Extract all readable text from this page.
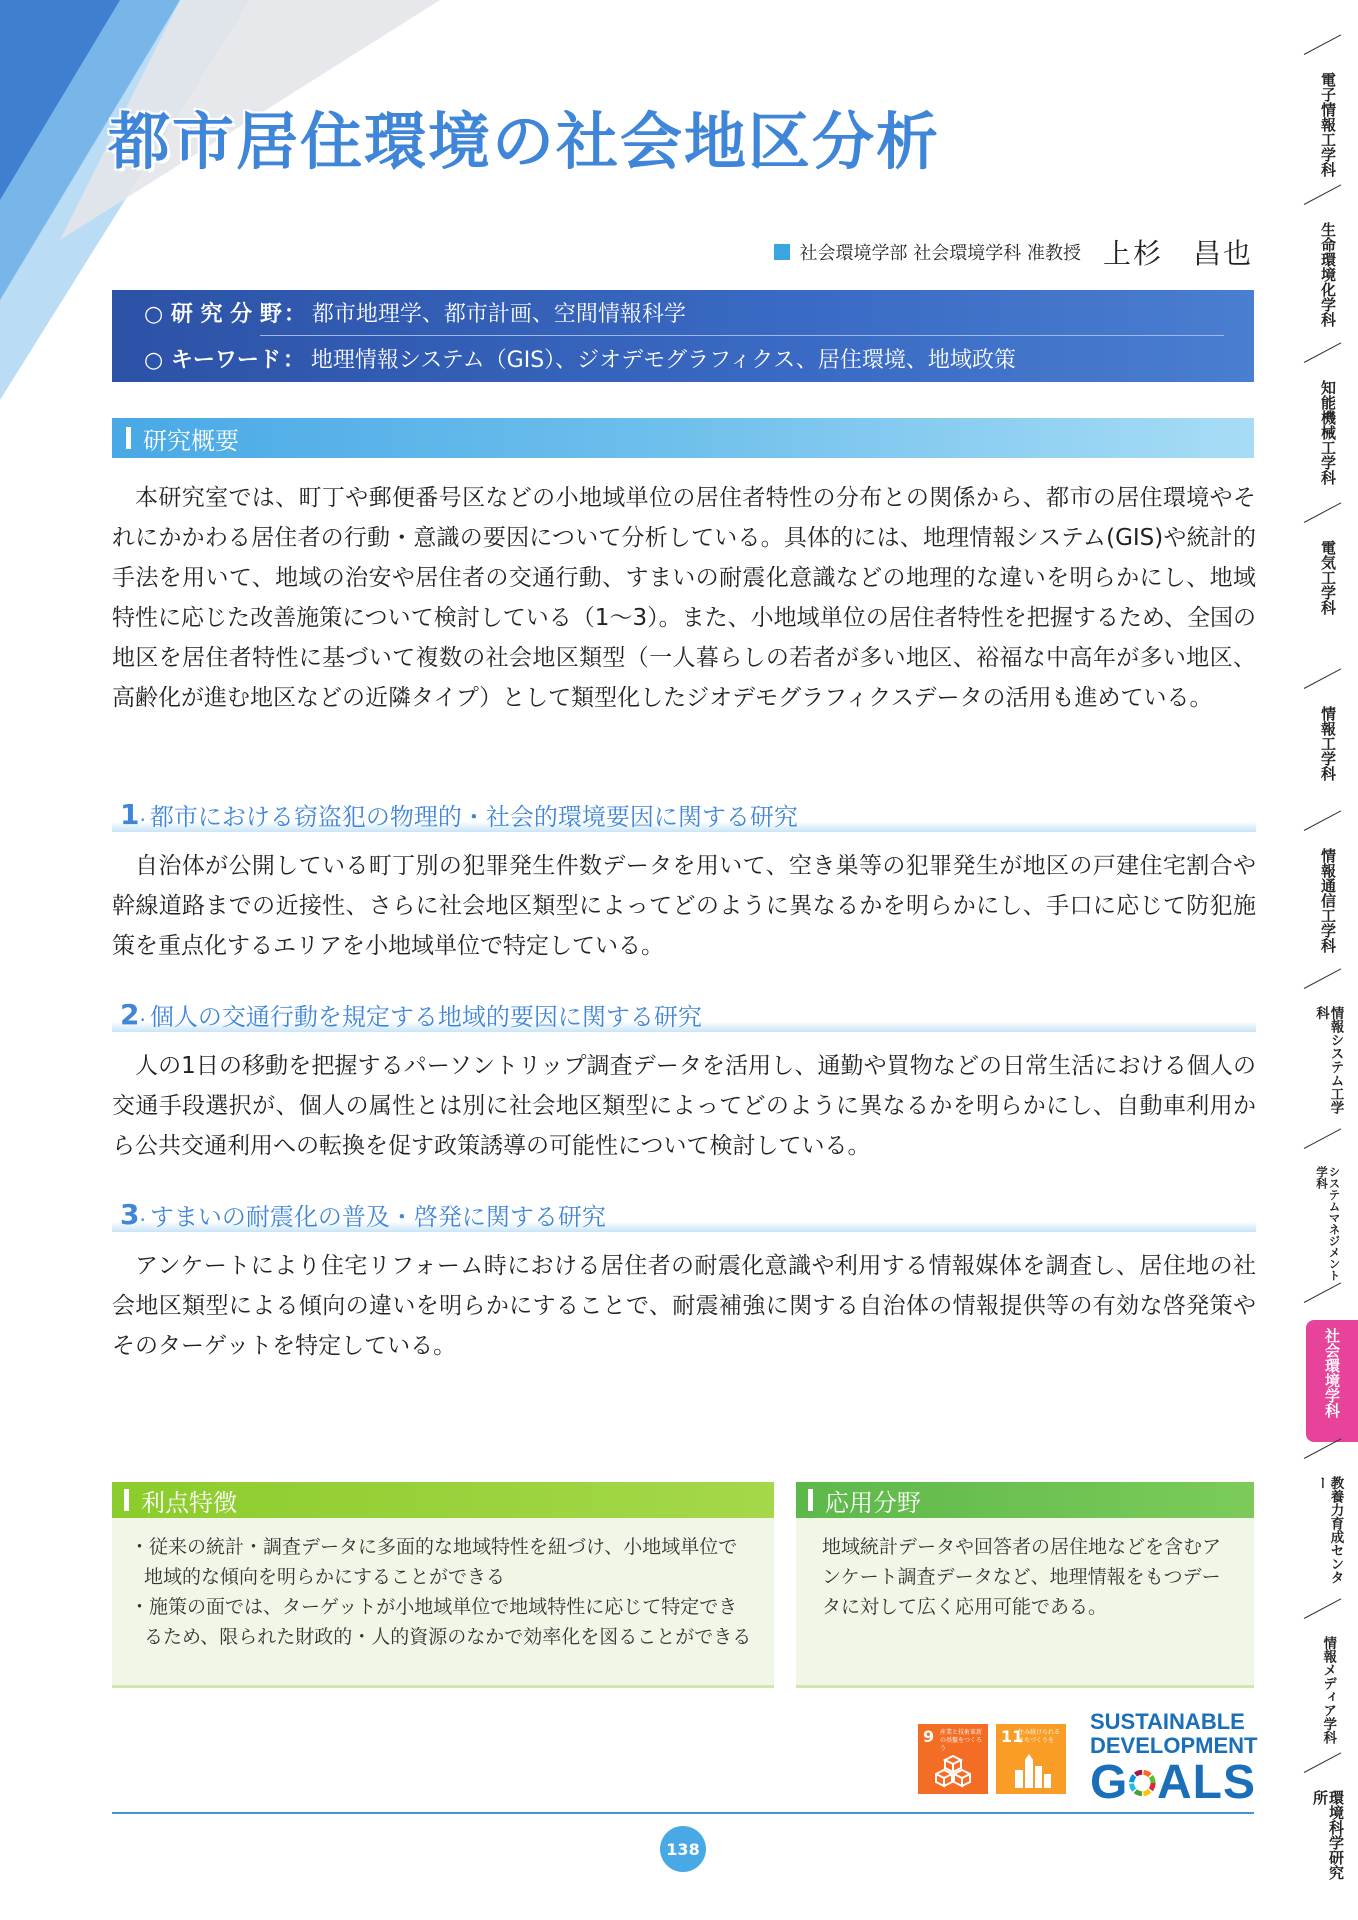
都市居住環境の社会地区分析
社会環境学部 社会環境学科 准教授 上杉　昌也
○ 研 究 分 野 ： 都市地理学、都市計画、空間情報科学
○ キーワード ： 地理情報システム（GIS）、ジオデモグラフィクス、居住環境、地域政策
研究概要

本研究室では、町丁や郵便番号区などの小地域単位の居住者特性の分布との関係から、都市の居住環境やそれにかかわる居住者の行動・意識の要因について分析している。具体的には、地理情報システム(GIS)や統計的手法を用いて、地域の治安や居住者の交通行動、すまいの耐震化意識などの地理的な違いを明らかにし、地域特性に応じた改善施策について検討している（1〜3）。また、小地域単位の居住者特性を把握するため、全国の地区を居住者特性に基づいて複数の社会地区類型（一人暮らしの若者が多い地区、裕福な中高年が多い地区、高齢化が進む地区などの近隣タイプ）として類型化したジオデモグラフィクスデータの活用も進めている。

1 . 都市における窃盗犯の物理的・社会的環境要因に関する研究

自治体が公開している町丁別の犯罪発生件数データを用いて、空き巣等の犯罪発生が地区の戸建住宅割合や幹線道路までの近接性、さらに社会地区類型によってどのように異なるかを明らかにし、手口に応じて防犯施策を重点化するエリアを小地域単位で特定している。

2 . 個人の交通行動を規定する地域的要因に関する研究

人の1日の移動を把握するパーソントリップ調査データを活用し、通勤や買物などの日常生活における個人の交通手段選択が、個人の属性とは別に社会地区類型によってどのように異なるかを明らかにし、自動車利用から公共交通利用への転換を促す政策誘導の可能性について検討している。

3 . すまいの耐震化の普及・啓発に関する研究

アンケートにより住宅リフォーム時における居住者の耐震化意識や利用する情報媒体を調査し、居住地の社会地区類型による傾向の違いを明らかにすることで、耐震補強に関する自治体の情報提供等の有効な啓発策やそのターゲットを特定している。

利点特徴

・従来の統計・調査データに多面的な地域特性を紐づけ、小地域単位で地域的な傾向を明らかにすることができる

・施策の面では、ターゲットが小地域単位で地域特性に応じて特定できるため、限られた財政的・人的資源のなかで効率化を図ることができる

応用分野

地域統計データや回答者の居住地などを含むアンケート調査データなど、地理情報をもつデータに対して広く応用可能である。

9 産業と技術革新の基盤をつくろう
11
住み続けられるまちづくりを
SUSTAINABLE
DEVELOPMENT
G ALS
138
電子情報工学科
生命環境化学科
知能機械工学科
電気工学科
情報工学科
情報通信工学科
情報システム工学科
システムマネジメント学科
社会環境学科
教養力育成センター
情報メディア学科
環境科学研究所
